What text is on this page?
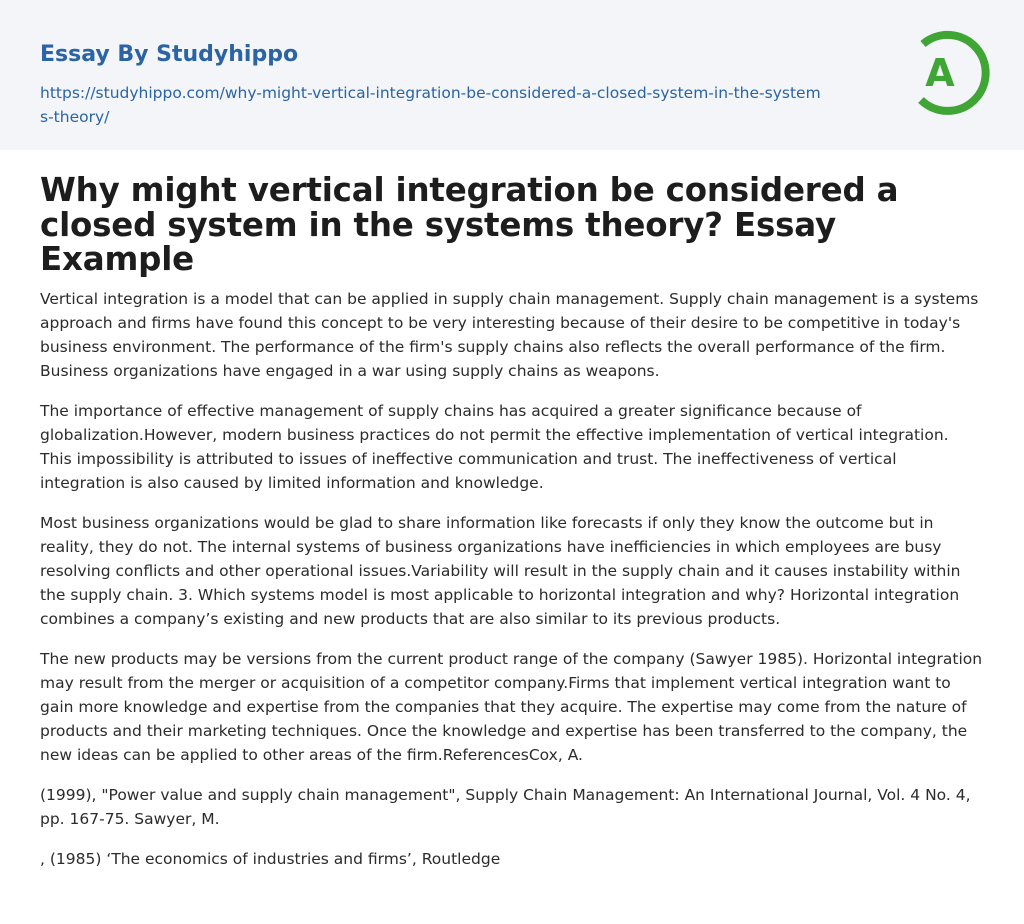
Essay By Studyhippo
https://studyhippo.com/why-might-vertical-integration-be-considered-a-closed-system-in-the-systems-theory/
A
Why might vertical integration be considered a closed system in the systems theory? Essay Example

Vertical integration is a model that can be applied in supply chain management. Supply chain management is a systems approach and firms have found this concept to be very interesting because of their desire to be competitive in today's business environment. The performance of the firm's supply chains also reflects the overall performance of the firm. Business organizations have engaged in a war using supply chains as weapons.

The importance of effective management of supply chains has acquired a greater significance because of globalization.However, modern business practices do not permit the effective implementation of vertical integration. This impossibility is attributed to issues of ineffective communication and trust. The ineffectiveness of vertical integration is also caused by limited information and knowledge.

Most business organizations would be glad to share information like forecasts if only they know the outcome but in reality, they do not. The internal systems of business organizations have inefficiencies in which employees are busy resolving conflicts and other operational issues.Variability will result in the supply chain and it causes instability within the supply chain. 3. Which systems model is most applicable to horizontal integration and why? Horizontal integration combines a company’s existing and new products that are also similar to its previous products.

The new products may be versions from the current product range of the company (Sawyer 1985). Horizontal integration may result from the merger or acquisition of a competitor company.Firms that implement vertical integration want to gain more knowledge and expertise from the companies that they acquire. The expertise may come from the nature of products and their marketing techniques. Once the knowledge and expertise has been transferred to the company, the new ideas can be applied to other areas of the firm.ReferencesCox, A.

(1999), "Power value and supply chain management", Supply Chain Management: An International Journal, Vol. 4 No. 4, pp. 167-75. Sawyer, M.

, (1985) ‘The economics of industries and firms’, Routledge
